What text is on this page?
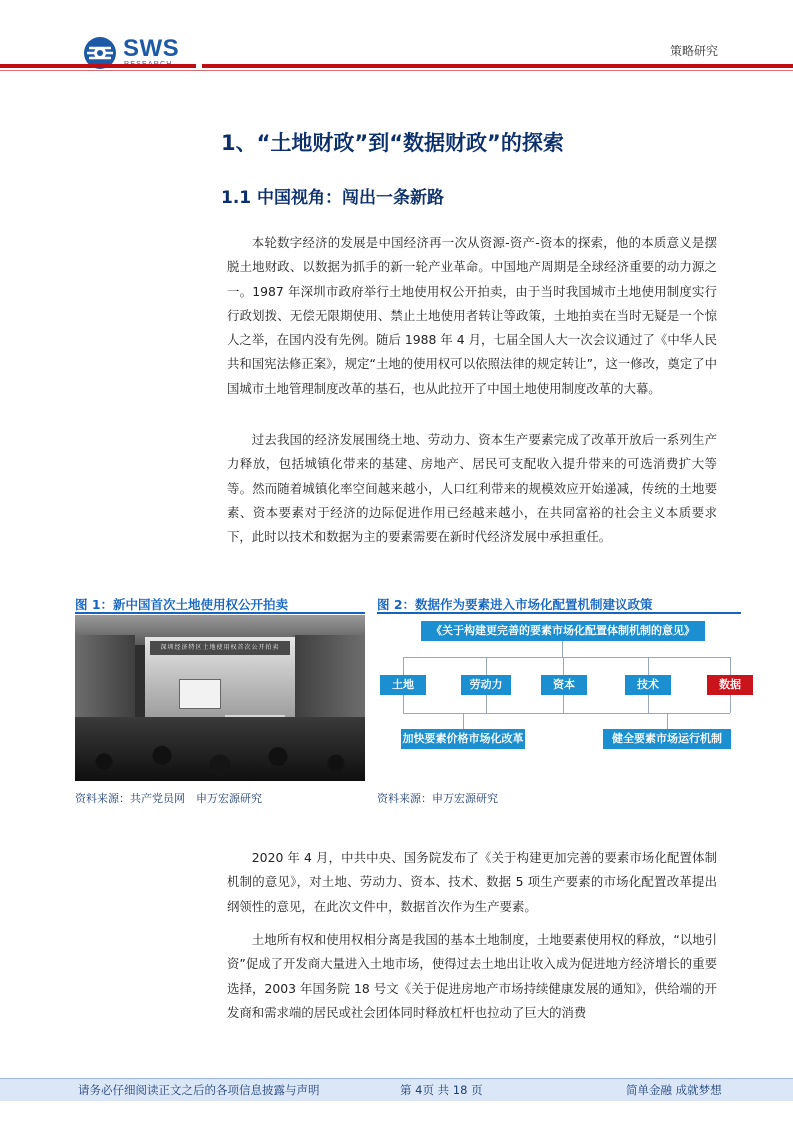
SWS	策略研究
1、“土地财政”到“数据财政”的探索
1.1 中国视角：闯出一条新路

本轮数字经济的发展是中国经济再一次从资源-资产-资本的探索，他的本质意义是摆脱土地财政、以数据为抓手的新一轮产业革命。中国地产周期是全球经济重要的动力源之一。1987 年深圳市政府举行土地使用权公开拍卖，由于当时我国城市土地使用制度实行行政划拨、无偿无限期使用、禁止土地使用者转让等政策，土地拍卖在当时无疑是一个惊人之举，在国内没有先例。随后 1988 年 4 月，七届全国人大一次会议通过了《中华人民共和国宪法修正案》，规定“土地的使用权可以依照法律的规定转让”，这一修改，奠定了中国城市土地管理制度改革的基石，也从此拉开了中国土地使用制度改革的大幕。

过去我国的经济发展围绕土地、劳动力、资本生产要素完成了改革开放后一系列生产力释放，包括城镇化带来的基建、房地产、居民可支配收入提升带来的可选消费扩大等等。然而随着城镇化率空间越来越小，人口红利带来的规模效应开始递减，传统的土地要素、资本要素对于经济的边际促进作用已经越来越小，在共同富裕的社会主义本质要求下，此时以技术和数据为主的要素需要在新时代经济发展中承担重任。

图 1：新中国首次土地使用权公开拍卖
深圳经济特区土地使用权首次公开拍卖
资料来源：共产党员网　申万宏源研究
图 2：数据作为要素进入市场化配置机制建议政策
《关于构建更完善的要素市场化配置体制机制的意见》
土地	劳动力	资本	技术	数据
加快要素价格市场化改革	健全要素市场运行机制
资料来源：申万宏源研究

2020 年 4 月，中共中央、国务院发布了《关于构建更加完善的要素市场化配置体制机制的意见》，对土地、劳动力、资本、技术、数据 5 项生产要素的市场化配置改革提出纲领性的意见，在此次文件中，数据首次作为生产要素。

土地所有权和使用权相分离是我国的基本土地制度，土地要素使用权的释放，“以地引资”促成了开发商大量进入土地市场，使得过去土地出让收入成为促进地方经济增长的重要选择，2003 年国务院 18 号文《关于促进房地产市场持续健康发展的通知》，供给端的开发商和需求端的居民或社会团体同时释放杠杆也拉动了巨大的消费

请务必仔细阅读正文之后的各项信息披露与声明	第 4页 共 18 页	简单金融 成就梦想
